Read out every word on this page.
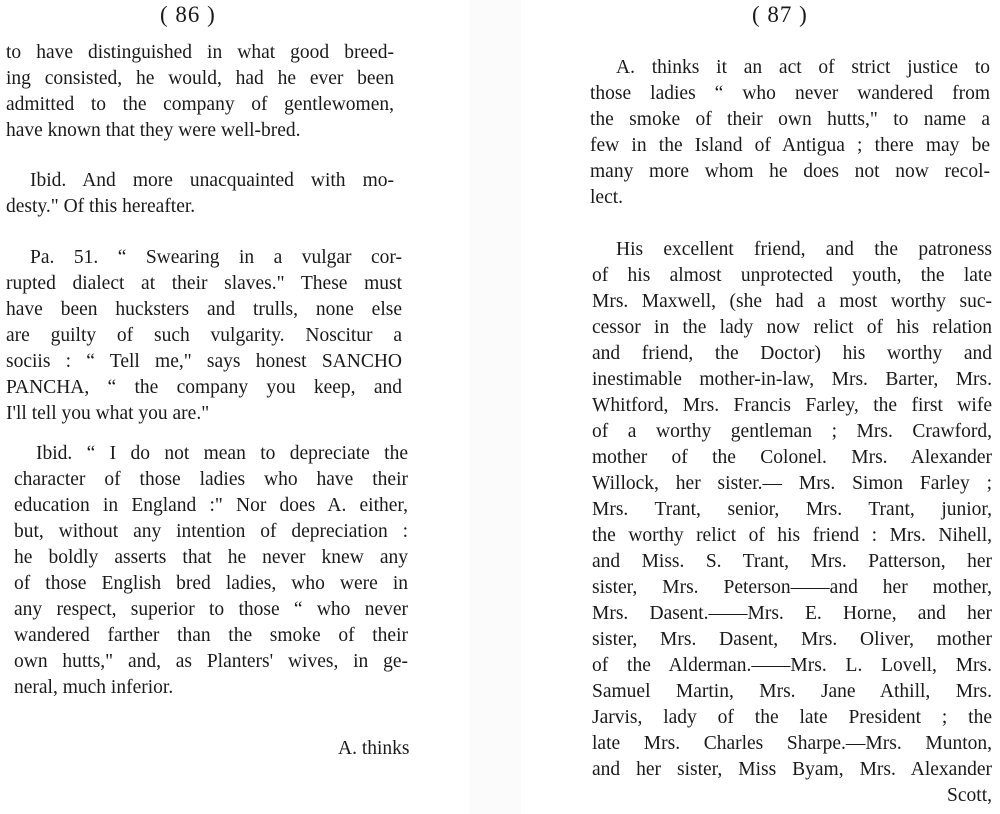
( 86 )

to have distinguished in what good breed-
ing consisted, he would, had he ever been
admitted to the company of gentlewomen,
have known that they were well-bred.

Ibid. And more unacquainted with mo-
desty." Of this hereafter.

Pa. 51. “ Swearing in a vulgar cor-
rupted dialect at their slaves." These must
have been hucksters and trulls, none else
are guilty of such vulgarity. Noscitur a
sociis : “ Tell me," says honest SANCHO
PANCHA, “ the company you keep, and
I'll tell you what you are."

Ibid. “ I do not mean to depreciate the
character of those ladies who have their
education in England :" Nor does A. either,
but, without any intention of depreciation :
he boldly asserts that he never knew any
of those English bred ladies, who were in
any respect, superior to those “ who never
wandered farther than the smoke of their
own hutts," and, as Planters' wives, in ge-
neral, much inferior.

A. thinks
( 87 )

A. thinks it an act of strict justice to
those ladies “ who never wandered from
the smoke of their own hutts," to name a
few in the Island of Antigua ; there may be
many more whom he does not now recol-
lect.

His excellent friend, and the patroness
of his almost unprotected youth, the late
Mrs. Maxwell, (she had a most worthy suc-
cessor in the lady now relict of his relation
and friend, the Doctor) his worthy and
inestimable mother-in-law, Mrs. Barter, Mrs.
Whitford, Mrs. Francis Farley, the first wife
of a worthy gentleman ; Mrs. Crawford,
mother of the Colonel. Mrs. Alexander
Willock, her sister.— Mrs. Simon Farley ;
Mrs. Trant, senior, Mrs. Trant, junior,
the worthy relict of his friend : Mrs. Nihell,
and Miss. S. Trant, Mrs. Patterson, her
sister, Mrs. Peterson——and her mother,
Mrs. Dasent.——Mrs. E. Horne, and her
sister, Mrs. Dasent, Mrs. Oliver, mother
of the Alderman.——Mrs. L. Lovell, Mrs.
Samuel Martin, Mrs. Jane Athill, Mrs.
Jarvis, lady of the late President ; the
late Mrs. Charles Sharpe.—Mrs. Munton,
and her sister, Miss Byam, Mrs. Alexander
Scott,
